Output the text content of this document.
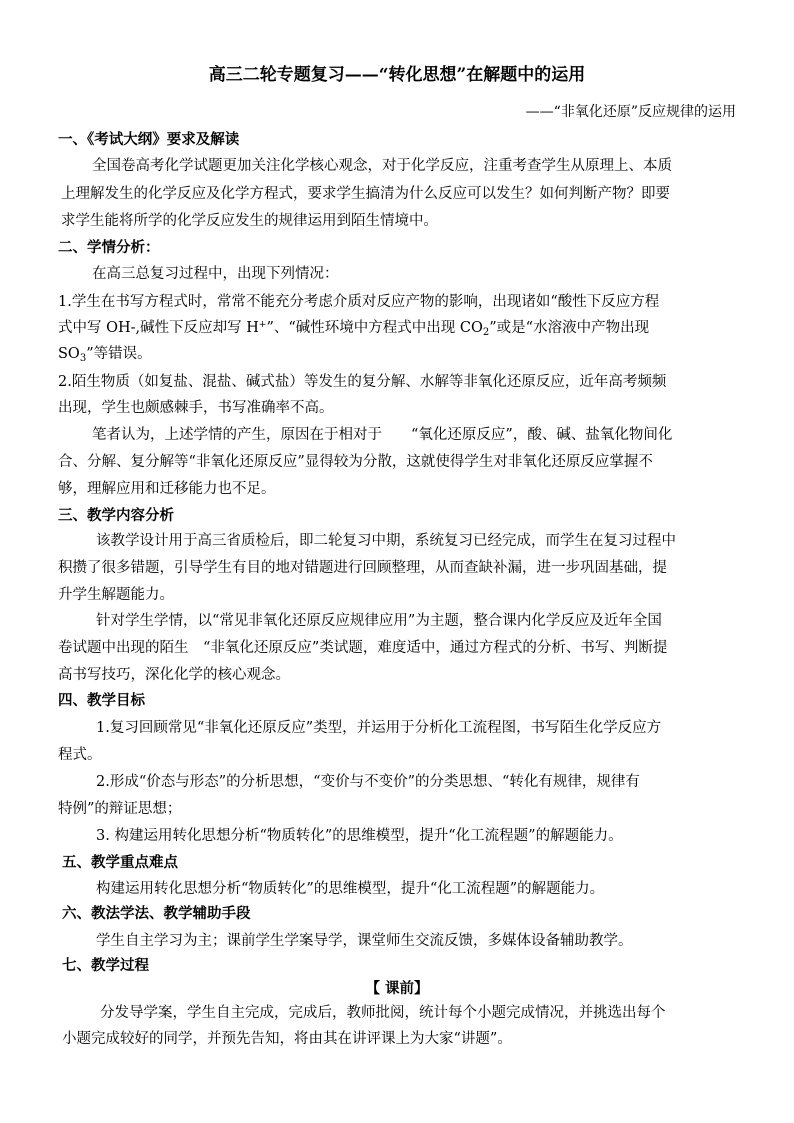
高三二轮专题复习——“转化思想”在解题中的运用
——“非氧化还原”反应规律的运用
一、《考试大纲》要求及解读
全国卷高考化学试题更加关注化学核心观念，对于化学反应，注重考查学生从原理上、本质
上理解发生的化学反应及化学方程式，要求学生搞清为什么反应可以发生？如何判断产物？即要
求学生能将所学的化学反应发生的规律运用到陌生情境中。
二、学情分析：
在高三总复习过程中，出现下列情况：
1.学生在书写方程式时，常常不能充分考虑介质对反应产物的影响，出现诸如“酸性下反应方程
式中写 OH-,碱性下反应却写 H+”、“碱性环境中方程式中出现 $CO_2$”或是“水溶液中产物出现
$SO_3$”等错误。
2.陌生物质（如复盐、混盐、碱式盐）等发生的复分解、水解等非氧化还原反应，近年高考频频
出现，学生也颇感棘手，书写准确率不高。
笔者认为，上述学情的产生，原因在于相对于　　“氧化还原反应”，酸、碱、盐氧化物间化
合、分解、复分解等“非氧化还原反应”显得较为分散，这就使得学生对非氧化还原反应掌握不
够，理解应用和迁移能力也不足。
三、教学内容分析
该教学设计用于高三省质检后，即二轮复习中期，系统复习已经完成，而学生在复习过程中
积攒了很多错题，引导学生有目的地对错题进行回顾整理，从而查缺补漏，进一步巩固基础，提
升学生解题能力。
针对学生学情，以“常见非氧化还原反应规律应用”为主题，整合课内化学反应及近年全国
卷试题中出现的陌生　“非氧化还原反应”类试题，难度适中，通过方程式的分析、书写、判断提
高书写技巧，深化化学的核心观念。
四、教学目标
1.复习回顾常见“非氧化还原反应”类型，并运用于分析化工流程图，书写陌生化学反应方
程式。
2.形成“价态与形态”的分析思想，“变价与不变价”的分类思想、“转化有规律，规律有
特例”的辩证思想；
3. 构建运用转化思想分析“物质转化”的思维模型，提升“化工流程题”的解题能力。
五、教学重点难点
构建运用转化思想分析“物质转化”的思维模型，提升“化工流程题”的解题能力。
六、教法学法、教学辅助手段
学生自主学习为主；课前学生学案导学，课堂师生交流反馈，多媒体设备辅助教学。
七、教学过程
【 课前】
分发导学案，学生自主完成，完成后，教师批阅，统计每个小题完成情况，并挑选出每个
小题完成较好的同学，并预先告知，将由其在讲评课上为大家“讲题”。
